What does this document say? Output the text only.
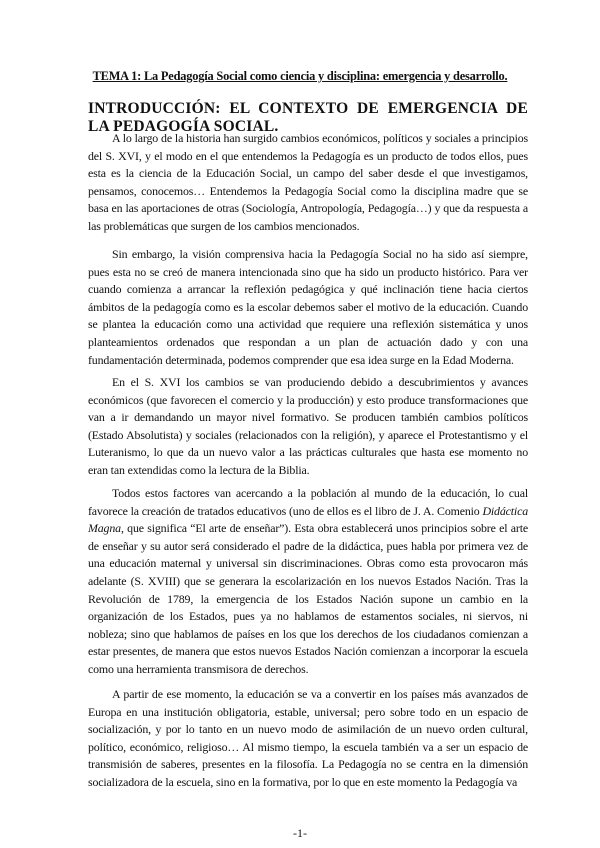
TEMA 1: La Pedagogía Social como ciencia y disciplina: emergencia y desarrollo.
INTRODUCCIÓN: EL CONTEXTO DE EMERGENCIA DE LA PEDAGOGÍA SOCIAL.

A lo largo de la historia han surgido cambios económicos, políticos y sociales a principios del S. XVI, y el modo en el que entendemos la Pedagogía es un producto de todos ellos, pues esta es la ciencia de la Educación Social, un campo del saber desde el que investigamos, pensamos, conocemos… Entendemos la Pedagogía Social como la disciplina madre que se basa en las aportaciones de otras (Sociología, Antropología, Pedagogía…) y que da respuesta a las problemáticas que surgen de los cambios mencionados.

Sin embargo, la visión comprensiva hacia la Pedagogía Social no ha sido así siempre, pues esta no se creó de manera intencionada sino que ha sido un producto histórico. Para ver cuando comienza a arrancar la reflexión pedagógica y qué inclinación tiene hacia ciertos ámbitos de la pedagogía como es la escolar debemos saber el motivo de la educación. Cuando se plantea la educación como una actividad que requiere una reflexión sistemática y unos planteamientos ordenados que respondan a un plan de actuación dado y con una fundamentación determinada, podemos comprender que esa idea surge en la Edad Moderna.

En el S. XVI los cambios se van produciendo debido a descubrimientos y avances económicos (que favorecen el comercio y la producción) y esto produce transformaciones que van a ir demandando un mayor nivel formativo. Se producen también cambios políticos (Estado Absolutista) y sociales (relacionados con la religión), y aparece el Protestantismo y el Luteranismo, lo que da un nuevo valor a las prácticas culturales que hasta ese momento no eran tan extendidas como la lectura de la Biblia.

Todos estos factores van acercando a la población al mundo de la educación, lo cual favorece la creación de tratados educativos (uno de ellos es el libro de J. A. Comenio Didáctica Magna, que significa “El arte de enseñar”). Esta obra establecerá unos principios sobre el arte de enseñar y su autor será considerado el padre de la didáctica, pues habla por primera vez de una educación maternal y universal sin discriminaciones. Obras como esta provocaron más adelante (S. XVIII) que se generara la escolarización en los nuevos Estados Nación. Tras la Revolución de 1789, la emergencia de los Estados Nación supone un cambio en la organización de los Estados, pues ya no hablamos de estamentos sociales, ni siervos, ni nobleza; sino que hablamos de países en los que los derechos de los ciudadanos comienzan a estar presentes, de manera que estos nuevos Estados Nación comienzan a incorporar la escuela como una herramienta transmisora de derechos.

A partir de ese momento, la educación se va a convertir en los países más avanzados de Europa en una institución obligatoria, estable, universal; pero sobre todo en un espacio de socialización, y por lo tanto en un nuevo modo de asimilación de un nuevo orden cultural, político, económico, religioso… Al mismo tiempo, la escuela también va a ser un espacio de transmisión de saberes, presentes en la filosofía. La Pedagogía no se centra en la dimensión socializadora de la escuela, sino en la formativa, por lo que en este momento la Pedagogía va

-1-
